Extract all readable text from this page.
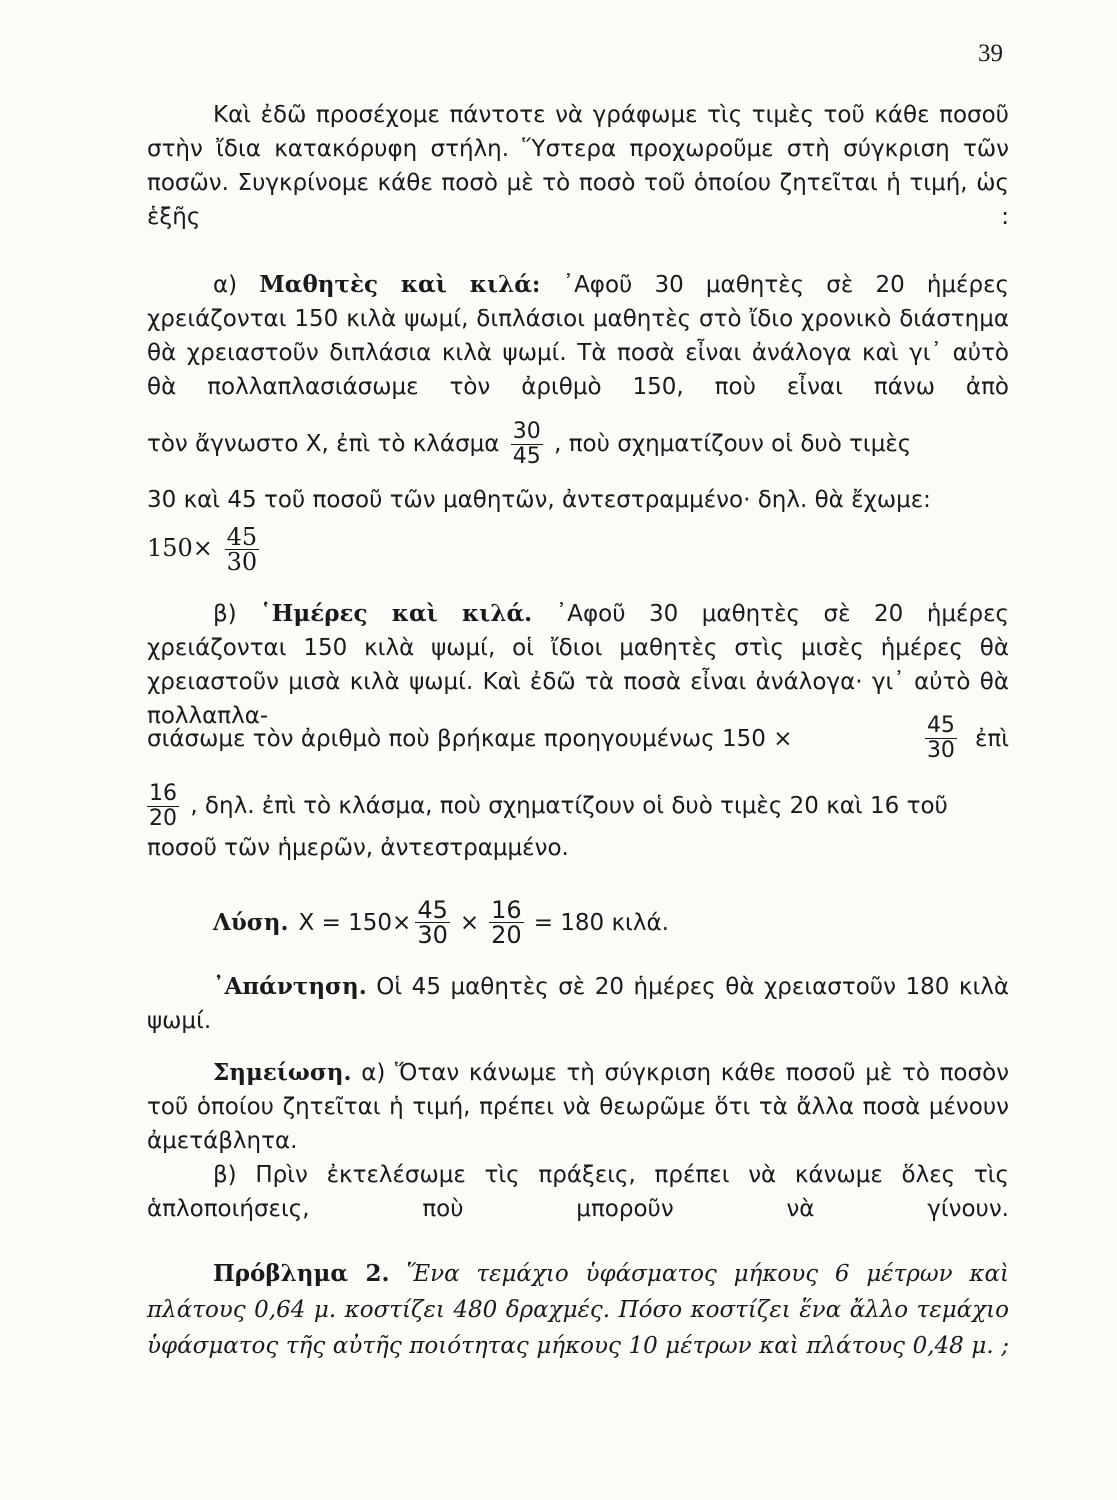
39

Καὶ ἐδῶ προσέχομε πάντοτε νὰ γράφωμε τὶς τιμὲς τοῦ κάθε ποσοῦ στὴν ἴδια κατακόρυφη στήλη. Ὕστερα προχωροῦμε στὴ σύγκριση τῶν ποσῶν. Συγκρίνομε κάθε ποσὸ μὲ τὸ ποσὸ τοῦ ὁποίου ζητεῖται ἡ τιμή, ὡς ἑξῆς :

α) Μαθητὲς καὶ κιλά: ᾿Αφοῦ 30 μαθητὲς σὲ 20 ἡμέρες χρειάζονται 150 κιλὰ ψωμί, διπλάσιοι μαθητὲς στὸ ἴδιο χρονικὸ διάστημα θὰ χρειαστοῦν διπλάσια κιλὰ ψωμί. Τὰ ποσὰ εἶναι ἀνάλογα καὶ γι᾿ αὐτὸ θὰ πολλαπλασιάσωμε τὸν ἀριθμὸ 150, ποὺ εἶναι πάνω ἀπὸ

τὸν ἄγνωστο Χ, ἐπὶ τὸ κλάσμα $\frac{30}{45}$ , ποὺ σχηματίζουν οἱ δυὸ τιμὲς

30 καὶ 45 τοῦ ποσοῦ τῶν μαθητῶν, ἀντεστραμμένο· δηλ. θὰ ἔχωμε:

$150\times \frac{45}{30}$

β) ῾Ημέρες καὶ κιλά. ᾿Αφοῦ 30 μαθητὲς σὲ 20 ἡμέρες χρειάζονται 150 κιλὰ ψωμί, οἱ ἴδιοι μαθητὲς στὶς μισὲς ἡμέρες θὰ χρειαστοῦν μισὰ κιλὰ ψωμί. Καὶ ἐδῶ τὰ ποσὰ εἶναι ἀνάλογα· γι᾿ αὐτὸ θὰ πολλαπλα-

σιάσωμε τὸν ἀριθμὸ ποὺ βρήκαμε προηγουμένως 150 ×	$\frac{45}{30}$ ἐπὶ
$\frac{16}{20}$ , δηλ. ἐπὶ τὸ κλάσμα, ποὺ σχηματίζουν οἱ δυὸ τιμὲς 20 καὶ 16 τοῦ ποσοῦ τῶν ἡμερῶν, ἀντεστραμμένο.
Λύση. $X = 150\times \frac{45}{30} \times \frac{16}{20} = 180$ κιλά.

᾿Απάντηση. Οἱ 45 μαθητὲς σὲ 20 ἡμέρες θὰ χρειαστοῦν 180 κιλὰ ψωμί.

Σημείωση. α) Ὅταν κάνωμε τὴ σύγκριση κάθε ποσοῦ μὲ τὸ ποσὸν τοῦ ὁποίου ζητεῖται ἡ τιμή, πρέπει νὰ θεωρῶμε ὅτι τὰ ἄλλα ποσὰ μένουν ἀμετάβλητα.

β) Πρὶν ἐκτελέσωμε τὶς πράξεις, πρέπει νὰ κάνωμε ὅλες τὶς ἁπλοποιήσεις, ποὺ μποροῦν νὰ γίνουν.

Πρόβλημα 2. Ἕνα τεμάχιο ὑφάσματος μήκους 6 μέτρων καὶ πλάτους 0,64 μ. κοστίζει 480 δραχμές. Πόσο κοστίζει ἕνα ἄλλο τεμάχιο ὑφάσματος τῆς αὐτῆς ποιότητας μήκους 10 μέτρων καὶ πλάτους 0,48 μ. ;
